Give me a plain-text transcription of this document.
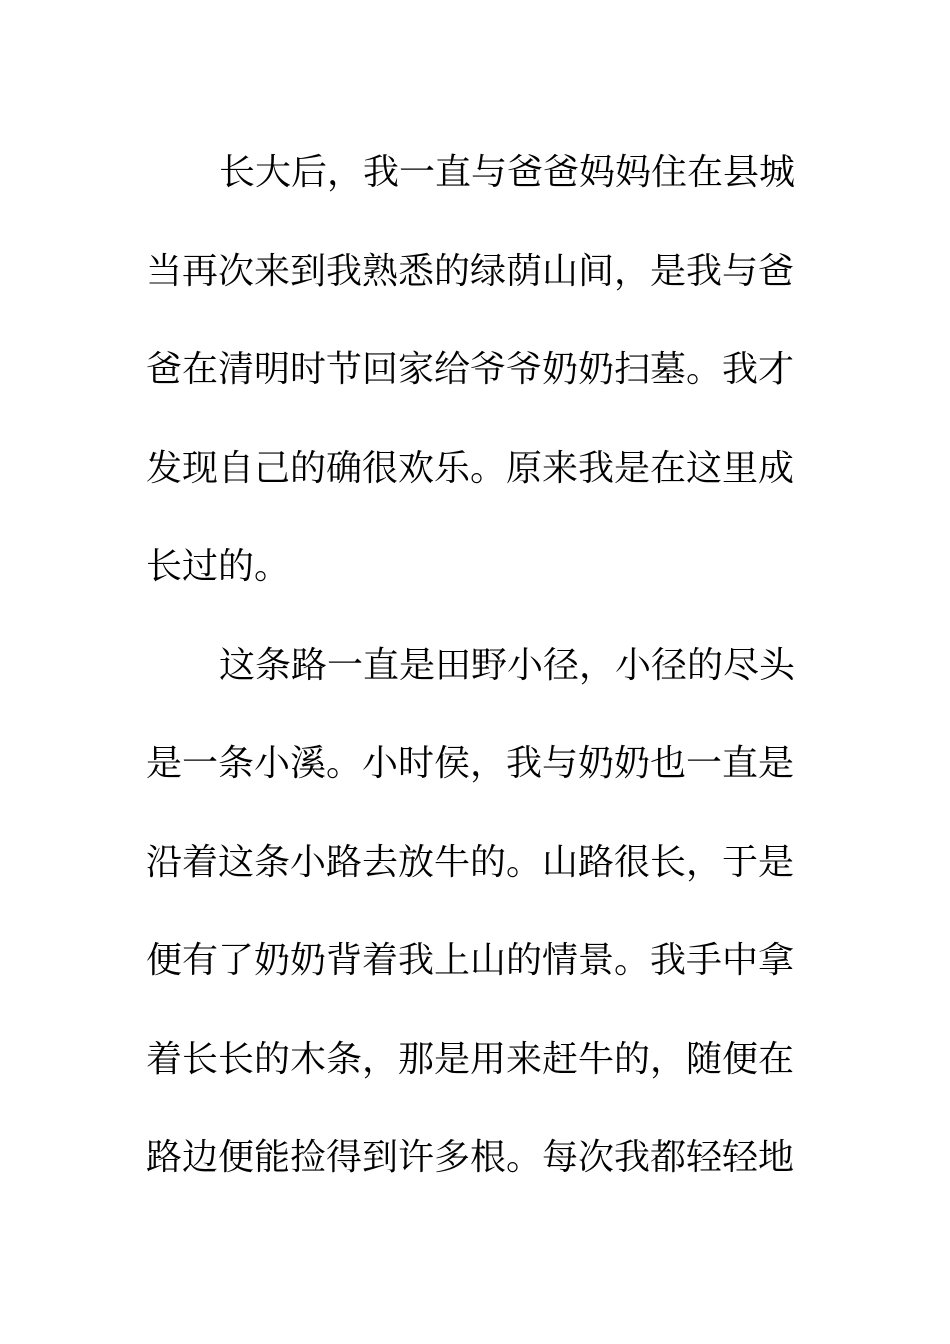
长大后，我一直与爸爸妈妈住在县城
当再次来到我熟悉的绿荫山间，是我与爸
爸在清明时节回家给爷爷奶奶扫墓。我才
发现自己的确很欢乐。原来我是在这里成
长过的。
这条路一直是田野小径，小径的尽头
是一条小溪。小时侯，我与奶奶也一直是
沿着这条小路去放牛的。山路很长，于是
便有了奶奶背着我上山的情景。我手中拿
着长长的木条，那是用来赶牛的，随便在
路边便能捡得到许多根。每次我都轻轻地
